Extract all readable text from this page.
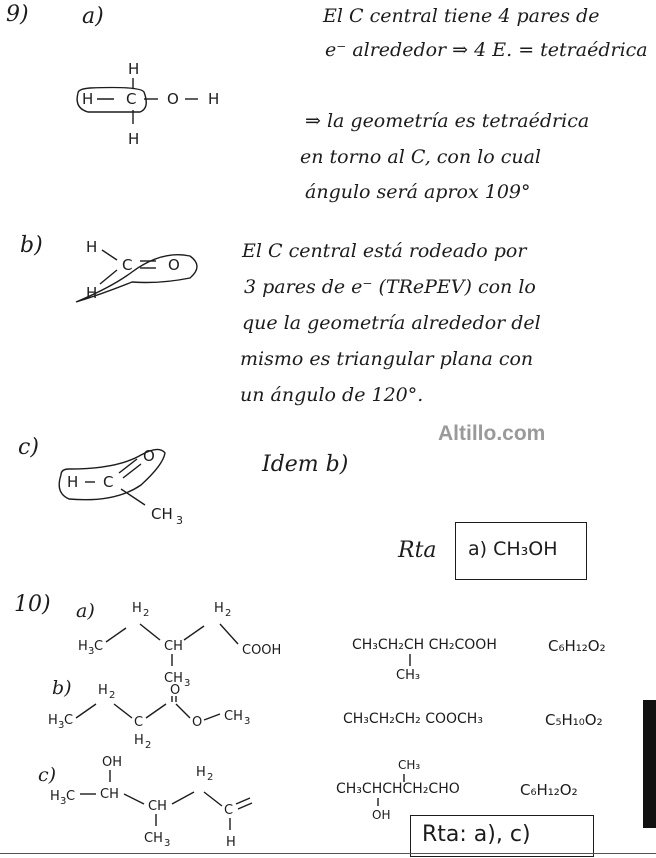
9) a)
H
H C O H
H
El C central tiene 4 pares de
e⁻ alrededor ⇒ 4 E. = tetraédrica
⇒ la geometría es tetraédrica
en torno al C, con lo cual
ángulo será aprox 109°
b)	H
C O
H
El C central está rodeado por
3 pares de e⁻ (TRePEV) con lo
que la geometría alrededor del
mismo es triangular plana con
un ángulo de 120°.
Altillo.com
c)
H C
O
CH 3
Idem b)
Rta a) CH₃OH
10) a)	H 2
H 3 C	CH
H 2
COOH
CH 3
CH₃CH₂CH CH₂COOH
CH₃
C₆H₁₂O₂
b) H 2
H 3 C	C
H 2
O
O CH 3	CH₃CH₂CH₂ COOCH₃	C₅H₁₀O₂
c)
OH
H 3 C CH
CH
CH 3
H 2
C
H
CH₃
CH₃CHCHCH₂CHO
OH
C₆H₁₂O₂
Rta: a), c)
